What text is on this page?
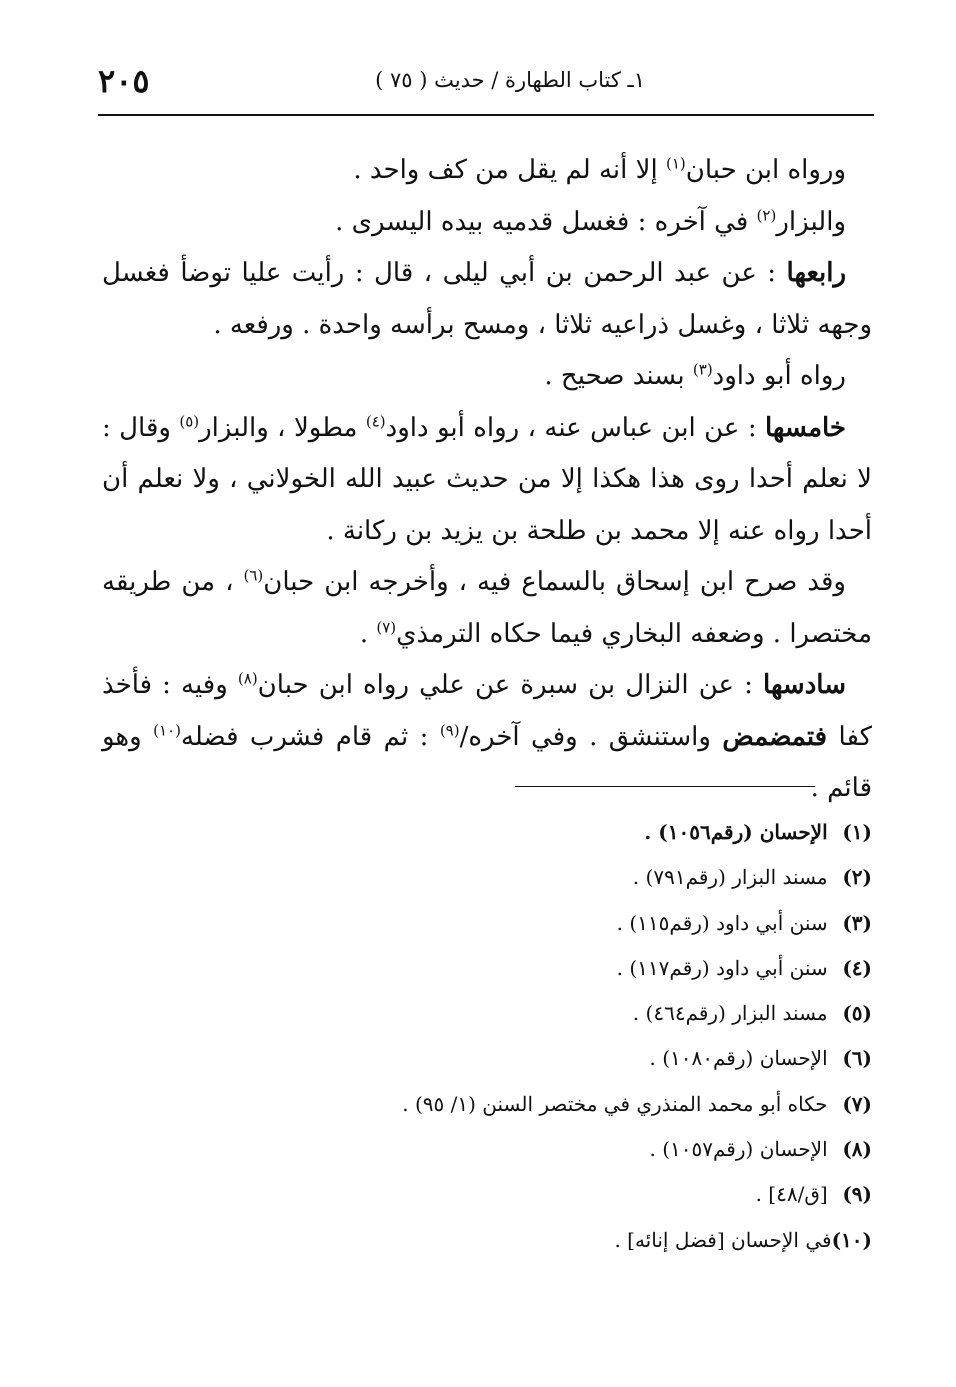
١ـ كتاب الطهارة / حديث ( ٧٥ )
٢٠٥

ورواه ابن حبان$^{(١)}$ إلا أنه لم يقل من كف واحد .

والبزار$^{(٢)}$ في آخره : فغسل قدميه بيده اليسرى .

رابعها : عن عبد الرحمن بن أبي ليلى ، قال : رأيت عليا توضأ فغسل وجهه ثلاثا ، وغسل ذراعيه ثلاثا ، ومسح برأسه واحدة . ورفعه .

رواه أبو داود$^{(٣)}$ بسند صحيح .

خامسها : عن ابن عباس عنه ، رواه أبو داود$^{(٤)}$ مطولا ، والبزار$^{(٥)}$ وقال : لا نعلم أحدا روى هذا هكذا إلا من حديث عبيد الله الخولاني ، ولا نعلم أن أحدا رواه عنه إلا محمد بن طلحة بن يزيد بن ركانة .

وقد صرح ابن إسحاق بالسماع فيه ، وأخرجه ابن حبان$^{(٦)}$ ، من طريقه مختصرا . وضعفه البخاري فيما حكاه الترمذي$^{(٧)}$ .

سادسها : عن النزال بن سبرة عن علي رواه ابن حبان$^{(٨)}$ وفيه : فأخذ كفا فتمضمض واستنشق . وفي آخره/$^{(٩)}$ : ثم قام فشرب فضله$^{(١٠)}$ وهو قائم .

(١) الإحسان (رقم١٠٥٦) .
(٢) مسند البزار (رقم٧٩١) .
(٣) سنن أبي داود (رقم١١٥) .
(٤) سنن أبي داود (رقم١١٧) .
(٥) مسند البزار (رقم٤٦٤) .
(٦) الإحسان (رقم١٠٨٠) .
(٧) حكاه أبو محمد المنذري في مختصر السنن (١/ ٩٥) .
(٨) الإحسان (رقم١٠٥٧) .
(٩) [ق/٤٨] .
(١٠)في الإحسان [فضل إنائه] .
